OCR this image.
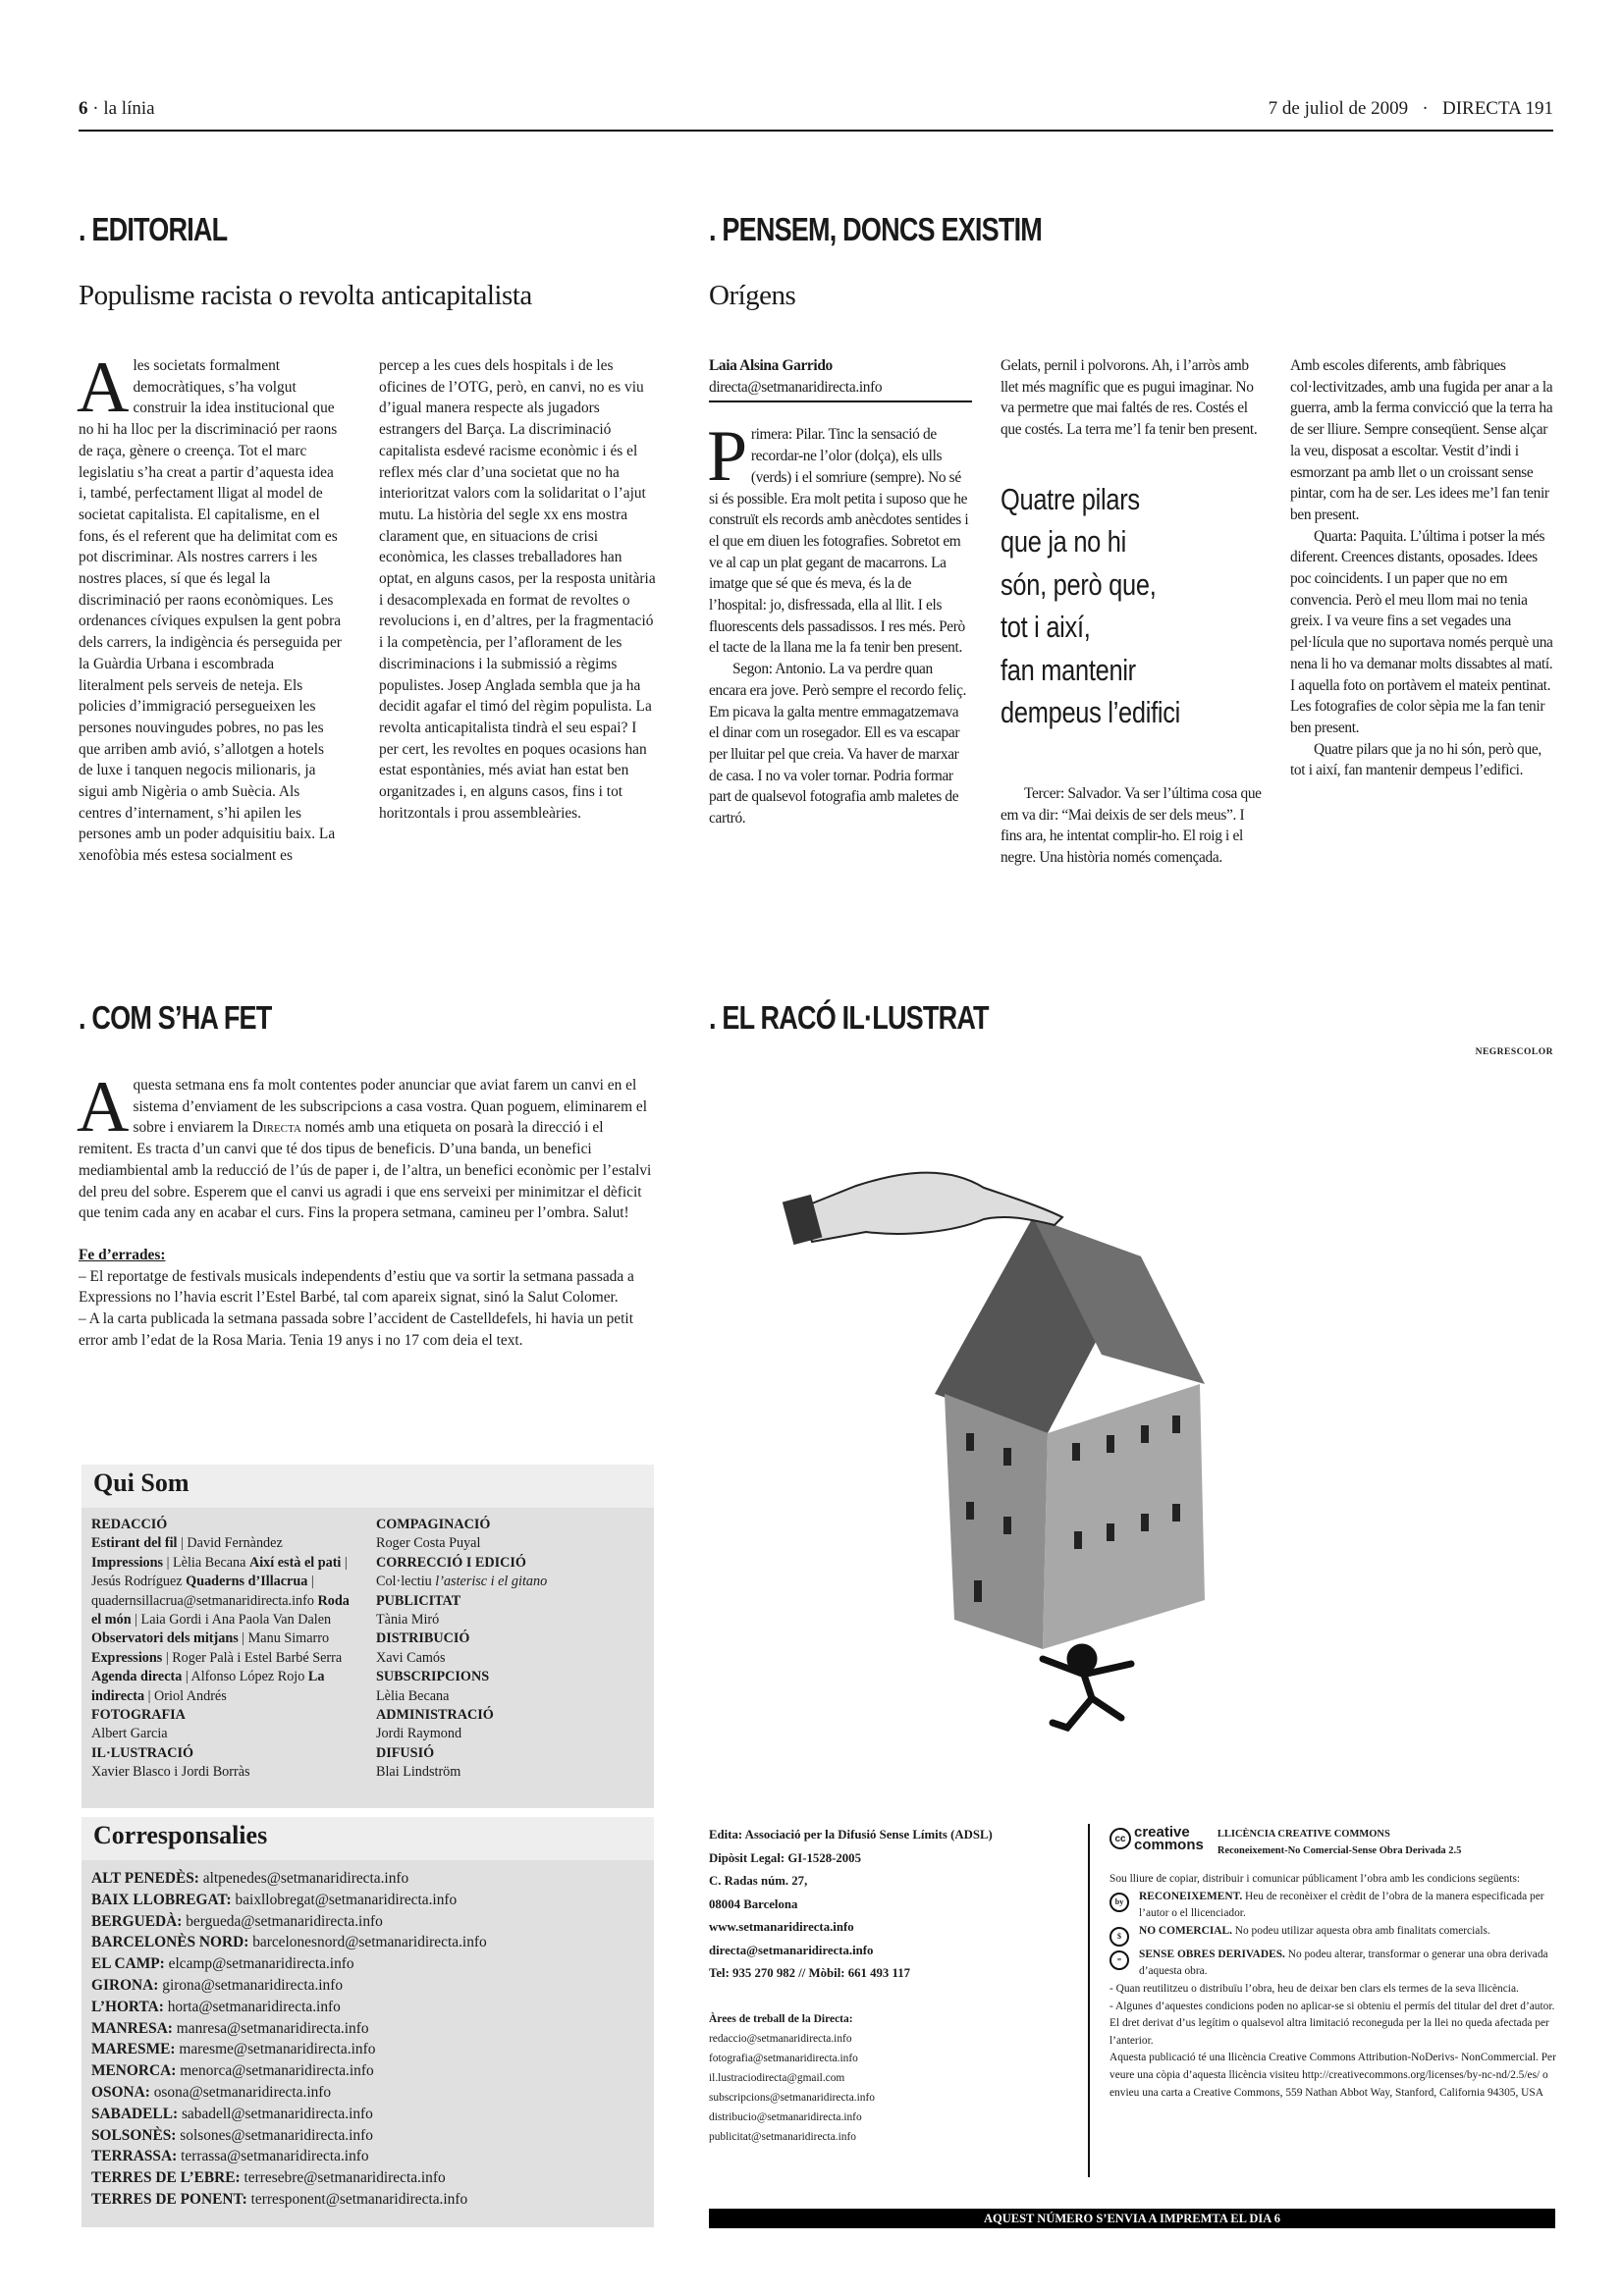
6 · la línia	7 de juliol de 2009 · DIRECTA 191
. EDITORIAL
Populisme racista o revolta anticapitalista
Ales societats formalment democràtiques, s’ha volgut construir la idea institucional que no hi ha lloc per la discriminació per raons de raça, gènere o creença. Tot el marc legislatiu s’ha creat a partir d’aquesta idea i, també, perfectament lligat al model de societat capitalista. El capitalisme, en el fons, és el referent que ha delimitat com es pot discriminar. Als nostres carrers i les nostres places, sí que és legal la discriminació per raons econòmiques. Les ordenances cíviques expulsen la gent pobra dels carrers, la indigència és perseguida per la Guàrdia Urbana i escombrada literalment pels serveis de neteja. Els policies d’immigració persegueixen les persones nouvingudes pobres, no pas les que arriben amb avió, s’allotgen a hotels de luxe i tanquen negocis milionaris, ja sigui amb Nigèria o amb Suècia. Als centres d’internament, s’hi apilen les persones amb un poder adquisitiu baix. La xenofòbia més estesa socialment es
percep a les cues dels hospitals i de les oficines de l’OTG, però, en canvi, no es viu d’igual manera respecte als jugadors estrangers del Barça. La discriminació capitalista esdevé racisme econòmic i és el reflex més clar d’una societat que no ha interioritzat valors com la solidaritat o l’ajut mutu. La història del segle xx ens mostra clarament que, en situacions de crisi econòmica, les classes treballadores han optat, en alguns casos, per la resposta unitària i desacomplexada en format de revoltes o revolucions i, en d’altres, per la fragmentació i la competència, per l’aflorament de les discriminacions i la submissió a règims populistes. Josep Anglada sembla que ja ha decidit agafar el timó del règim populista. La revolta anticapitalista tindrà el seu espai? I per cert, les revoltes en poques ocasions han estat espontànies, més aviat han estat ben organitzades i, en alguns casos, fins i tot horitzontals i prou assembleàries.
. PENSEM, DONCS EXISTIM
Orígens
Laia Alsina Garrido
directa@setmanaridirecta.info

Primera: Pilar. Tinc la sensació de recordar-ne l’olor (dolça), els ulls (verds) i el somriure (sempre). No sé si és possible. Era molt petita i suposo que he construït els records amb anècdotes sentides i el que em diuen les fotografies. Sobretot em ve al cap un plat gegant de macarrons. La imatge que sé que és meva, és la de l’hospital: jo, disfressada, ella al llit. I els fluorescents dels passadissos. I res més. Però el tacte de la llana me la fa tenir ben present.

Segon: Antonio. La va perdre quan encara era jove. Però sempre el recordo feliç. Em picava la galta mentre emmagatzemava el dinar com un rosegador. Ell es va escapar per lluitar pel que creia. Va haver de marxar de casa. I no va voler tornar. Podria formar part de qualsevol fotografia amb maletes de cartró.

Gelats, pernil i polvorons. Ah, i l’arròs amb llet més magnífic que es pugui imaginar. No va permetre que mai faltés de res. Costés el que costés. La terra me’l fa tenir ben present.

Quatre pilars
que ja no hi
són, però que,
tot i així,
fan mantenir
dempeus l’edifici

Tercer: Salvador. Va ser l’última cosa que em va dir: “Mai deixis de ser dels meus”. I fins ara, he intentat complir-ho. El roig i el negre. Una història només començada.

Amb escoles diferents, amb fàbriques col·lectivitzades, amb una fugida per anar a la guerra, amb la ferma convicció que la terra ha de ser lliure. Sempre conseqüent. Sense alçar la veu, disposat a escoltar. Vestit d’indi i esmorzant pa amb llet o un croissant sense pintar, com ha de ser. Les idees me’l fan tenir ben present.

Quarta: Paquita. L’última i potser la més diferent. Creences distants, oposades. Idees poc coincidents. I un paper que no em convencia. Però el meu llom mai no tenia greix. I va veure fins a set vegades una pel·lícula que no suportava només perquè una nena li ho va demanar molts dissabtes al matí. I aquella foto on portàvem el mateix pentinat. Les fotografies de color sèpia me la fan tenir ben present.

Quatre pilars que ja no hi són, però que, tot i així, fan mantenir dempeus l’edifici.

. COM S’HA FET

Aquesta setmana ens fa molt contentes poder anunciar que aviat farem un canvi en el sistema d’enviament de les subscripcions a casa vostra. Quan poguem, eliminarem el sobre i enviarem la Directa només amb una etiqueta on posarà la direcció i el remitent. Es tracta d’un canvi que té dos tipus de beneficis. D’una banda, un benefici mediambiental amb la reducció de l’ús de paper i, de l’altra, un benefici econòmic per l’estalvi del preu del sobre. Esperem que el canvi us agradi i que ens serveixi per minimitzar el dèficit que tenim cada any en acabar el curs. Fins la propera setmana, camineu per l’ombra. Salut!

Fe d’errades:

– El reportatge de festivals musicals independents d’estiu que va sortir la setmana passada a Expressions no l’havia escrit l’Estel Barbé, tal com apareix signat, sinó la Salut Colomer.

– A la carta publicada la setmana passada sobre l’accident de Castelldefels, hi havia un petit error amb l’edat de la Rosa Maria. Tenia 19 anys i no 17 com deia el text.

Qui Som
REDACCIÓ
Estirant del fil | David Fernàndez Impressions | Lèlia Becana Així està el pati | Jesús Rodríguez Quaderns d’Illacrua | quadernsillacrua@setmanaridirecta.info Roda el món | Laia Gordi i Ana Paola Van Dalen Observatori dels mitjans | Manu Simarro Expressions | Roger Palà i Estel Barbé Serra Agenda directa | Alfonso López Rojo La indirecta | Oriol Andrés
FOTOGRAFIA
Albert Garcia
IL·LUSTRACIÓ
Xavier Blasco i Jordi Borràs
COMPAGINACIÓ
Roger Costa Puyal
CORRECCIÓ I EDICIÓ
Col·lectiu l’asterisc i el gitano
PUBLICITAT
Tània Miró
DISTRIBUCIÓ
Xavi Camós
SUBSCRIPCIONS
Lèlia Becana
ADMINISTRACIÓ
Jordi Raymond
DIFUSIÓ
Blai Lindström
Corresponsalies
ALT PENEDÈS: altpenedes@setmanaridirecta.info
BAIX LLOBREGAT: baixllobregat@setmanaridirecta.info
BERGUEDÀ: bergueda@setmanaridirecta.info
BARCELONÈS NORD: barcelonesnord@setmanaridirecta.info
EL CAMP: elcamp@setmanaridirecta.info
GIRONA: girona@setmanaridirecta.info
L’HORTA: horta@setmanaridirecta.info
MANRESA: manresa@setmanaridirecta.info
MARESME: maresme@setmanaridirecta.info
MENORCA: menorca@setmanaridirecta.info
OSONA: osona@setmanaridirecta.info
SABADELL: sabadell@setmanaridirecta.info
SOLSONÈS: solsones@setmanaridirecta.info
TERRASSA: terrassa@setmanaridirecta.info
TERRES DE L’EBRE: terresebre@setmanaridirecta.info
TERRES DE PONENT: terresponent@setmanaridirecta.info
. EL RACÓ IL·LUSTRAT
NEGRESCOLOR
Edita: Associació per la Difusió Sense Límits (ADSL)
Dipòsit Legal: GI-1528-2005
C. Radas núm. 27,
08004 Barcelona
www.setmanaridirecta.info
directa@setmanaridirecta.info
Tel: 935 270 982 // Mòbil: 661 493 117
Àrees de treball de la Directa:
redaccio@setmanaridirecta.info
fotografia@setmanaridirecta.info
il.lustraciodirecta@gmail.com
subscripcions@setmanaridirecta.info
distribucio@setmanaridirecta.info
publicitat@setmanaridirecta.info
cc creative
commons
LLICÈNCIA CREATIVE COMMONS
Reconeixement-No Comercial-Sense Obra Derivada 2.5
Sou lliure de copiar, distribuir i comunicar públicament l’obra amb les condicions següents:
by	RECONEIXEMENT. Heu de reconèixer el crèdit de l’obra de la manera especificada per l’autor o el llicenciador.
$	NO COMERCIAL. No podeu utilizar aquesta obra amb finalitats comercials.
=	SENSE OBRES DERIVADES. No podeu alterar, transformar o generar una obra derivada d’aquesta obra.
- Quan reutilitzeu o distribuïu l’obra, heu de deixar ben clars els termes de la seva llicència.
- Algunes d’aquestes condicions poden no aplicar-se si obteniu el permís del titular del dret d’autor. El dret derivat d’us legítim o qualsevol altra limitació reconeguda per la llei no queda afectada per l’anterior.
Aquesta publicació té una llicència Creative Commons Attribution-NoDerivs- NonCommercial. Per veure una còpia d’aquesta llicència visiteu http://creativecommons.org/licenses/by-nc-nd/2.5/es/ o envieu una carta a Creative Commons, 559 Nathan Abbot Way, Stanford, California 94305, USA
AQUEST NÚMERO S’ENVIA A IMPREMTA EL DIA 6
